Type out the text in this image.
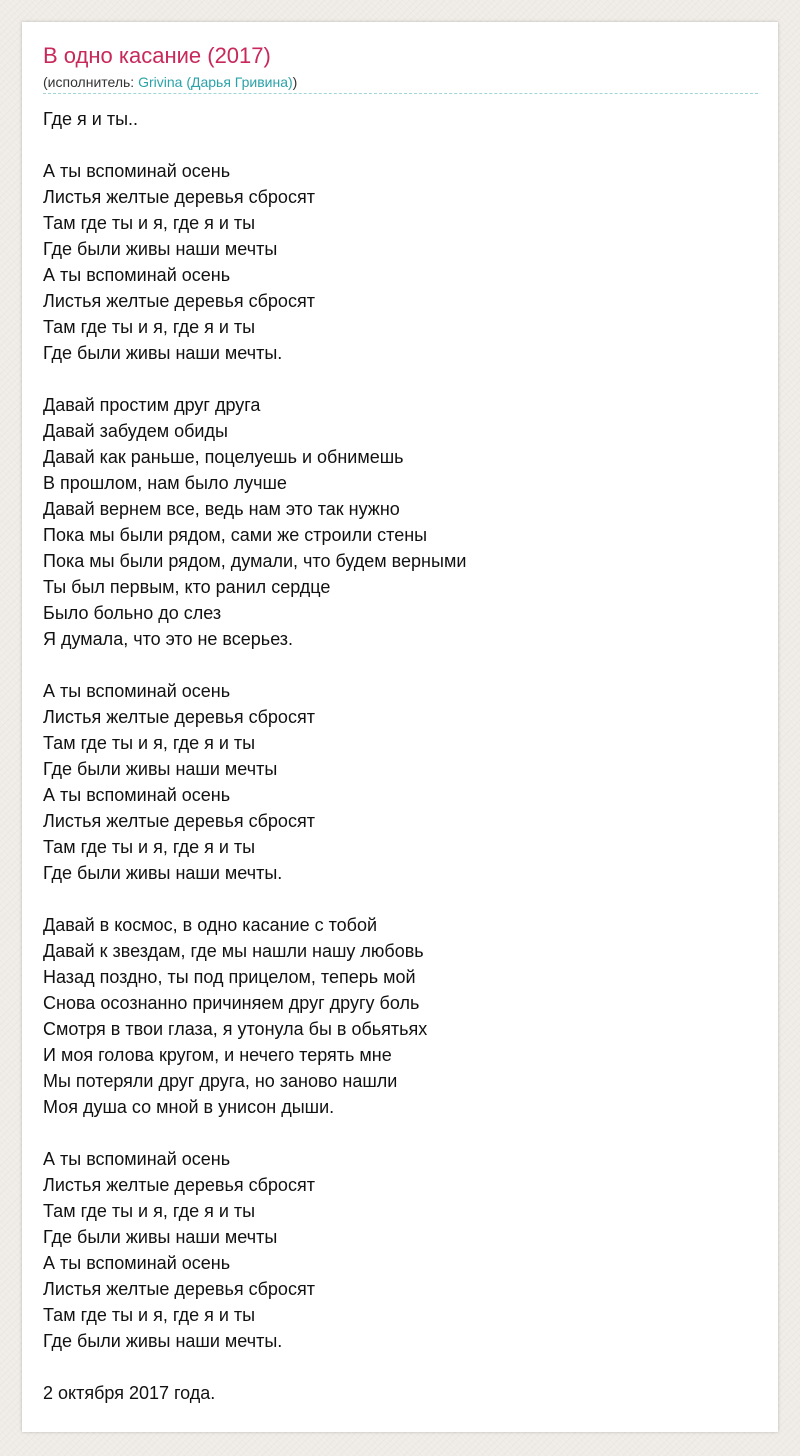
В одно касание (2017)
(исполнитель: Grivina (Дарья Гривина))
Где я и ты..
А ты вспоминай осень
Листья желтые деревья сбросят
Там где ты и я, где я и ты
Где были живы наши мечты
А ты вспоминай осень
Листья желтые деревья сбросят
Там где ты и я, где я и ты
Где были живы наши мечты.
Давай простим друг друга
Давай забудем обиды
Давай как раньше, поцелуешь и обнимешь
В прошлом, нам было лучше
Давай вернем все, ведь нам это так нужно
Пока мы были рядом, сами же строили стены
Пока мы были рядом, думали, что будем верными
Ты был первым, кто ранил сердце
Было больно до слез
Я думала, что это не всерьез.
А ты вспоминай осень
Листья желтые деревья сбросят
Там где ты и я, где я и ты
Где были живы наши мечты
А ты вспоминай осень
Листья желтые деревья сбросят
Там где ты и я, где я и ты
Где были живы наши мечты.
Давай в космос, в одно касание с тобой
Давай к звездам, где мы нашли нашу любовь
Назад поздно, ты под прицелом, теперь мой
Снова осознанно причиняем друг другу боль
Смотря в твои глаза, я утонула бы в обьятьях
И моя голова кругом, и нечего терять мне
Мы потеряли друг друга, но заново нашли
Моя душа со мной в унисон дыши.
А ты вспоминай осень
Листья желтые деревья сбросят
Там где ты и я, где я и ты
Где были живы наши мечты
А ты вспоминай осень
Листья желтые деревья сбросят
Там где ты и я, где я и ты
Где были живы наши мечты.
2 октября 2017 года.
